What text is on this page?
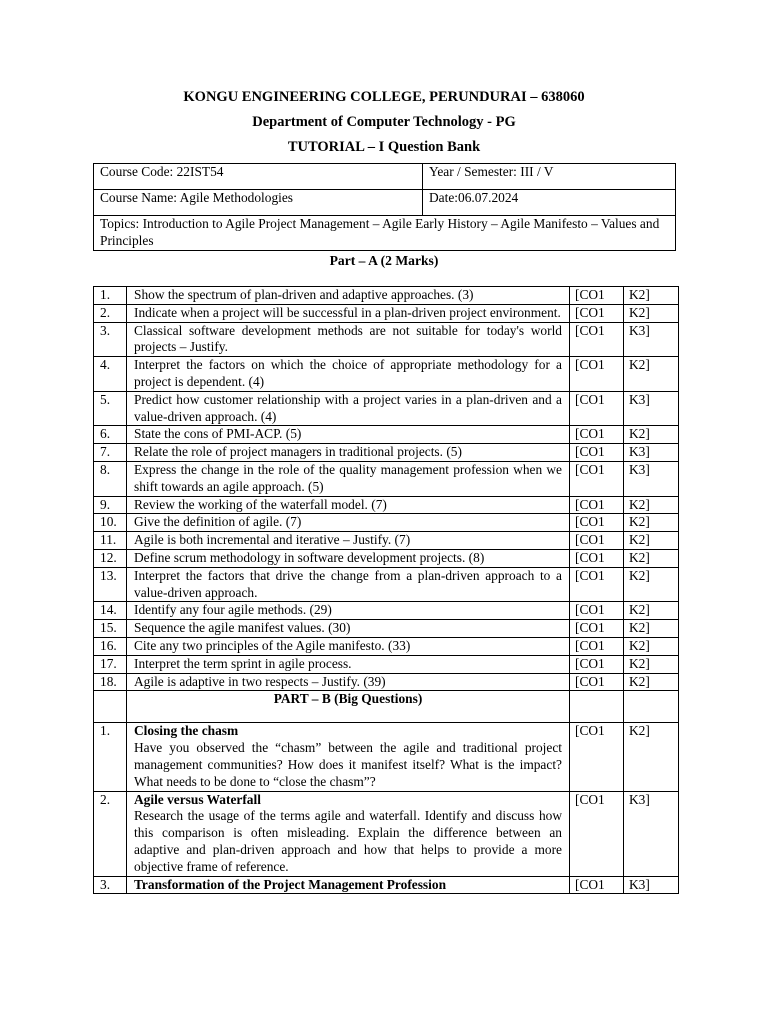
KONGU ENGINEERING COLLEGE, PERUNDURAI – 638060
Department of Computer Technology - PG
TUTORIAL – I Question Bank
Course Code: 22IST54	Year / Semester: III / V
Course Name: Agile Methodologies	Date:06.07.2024
Topics: Introduction to Agile Project Management – Agile Early History – Agile Manifesto – Values and Principles	
Part – A (2 Marks)
1.	Show the spectrum of plan-driven and adaptive approaches. (3)	[CO1	K2]
2.	Indicate when a project will be successful in a plan-driven project environment.	[CO1	K2]
3.	Classical software development methods are not suitable for today's world projects – Justify.	[CO1	K3]
4.	Interpret the factors on which the choice of appropriate methodology for a project is dependent. (4)	[CO1	K2]
5.	Predict how customer relationship with a project varies in a plan-driven and a value-driven approach. (4)	[CO1	K3]
6.	State the cons of PMI-ACP. (5)	[CO1	K2]
7.	Relate the role of project managers in traditional projects. (5)	[CO1	K3]
8.	Express the change in the role of the quality management profession when we shift towards an agile approach. (5)	[CO1	K3]
9.	Review the working of the waterfall model. (7)	[CO1	K2]
10.	Give the definition of agile. (7)	[CO1	K2]
11.	Agile is both incremental and iterative – Justify. (7)	[CO1	K2]
12.	Define scrum methodology in software development projects. (8)	[CO1	K2]
13.	Interpret the factors that drive the change from a plan-driven approach to a value-driven approach.	[CO1	K2]
14.	Identify any four agile methods. (29)	[CO1	K2]
15.	Sequence the agile manifest values. (30)	[CO1	K2]
16.	Cite any two principles of the Agile manifesto. (33)	[CO1	K2]
17.	Interpret the term sprint in agile process.	[CO1	K2]
18.	Agile is adaptive in two respects – Justify. (39)	[CO1	K2]
	PART – B (Big Questions)		
1.	Closing the chasm
Have you observed the “chasm” between the agile and traditional project management communities? How does it manifest itself? What is the impact? What needs to be done to “close the chasm”?	[CO1	K2]
2.	Agile versus Waterfall
Research the usage of the terms agile and waterfall. Identify and discuss how this comparison is often misleading. Explain the difference between an adaptive and plan-driven approach and how that helps to provide a more objective frame of reference.	[CO1	K3]
3.	Transformation of the Project Management Profession	[CO1	K3]
